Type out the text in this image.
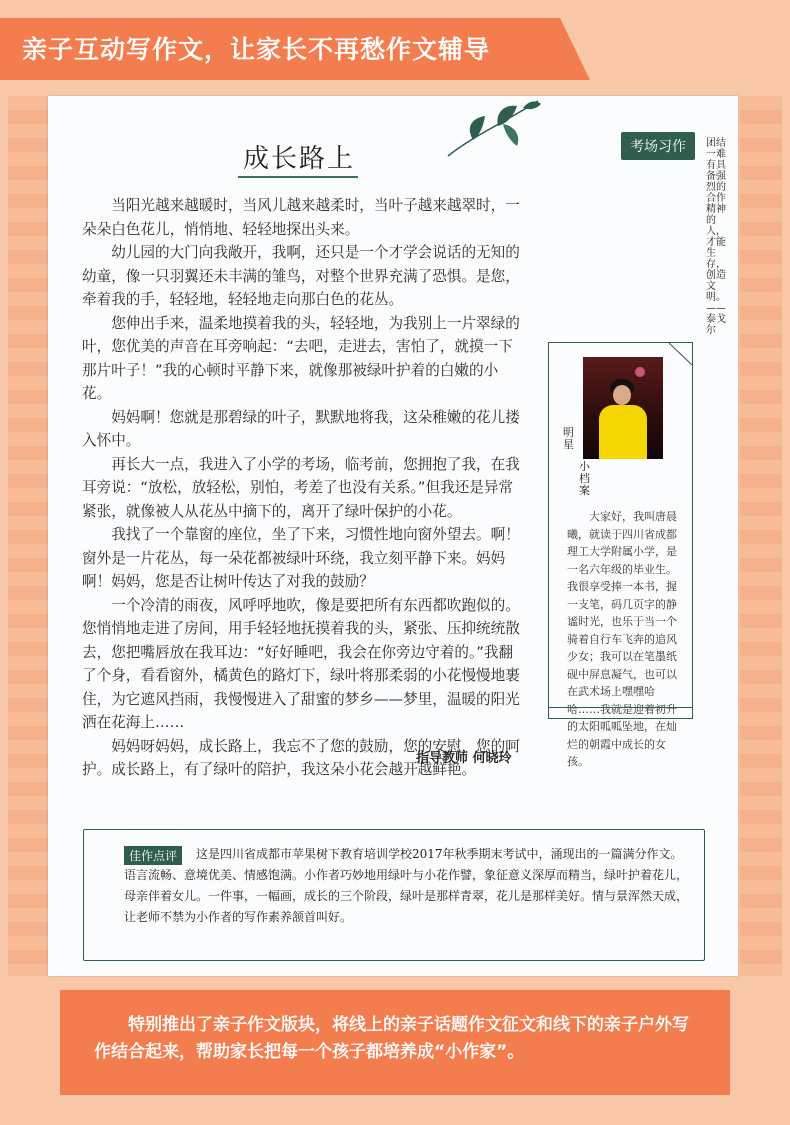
亲子互动写作文，让家长不再愁作文辅导
成长路上	考场习作	团结一难有具备强烈的合作精神的人，才能生存，创造文明。——泰戈尔

当阳光越来越暖时，当风儿越来越柔时，当叶子越来越翠时，一朵朵白色花儿，悄悄地、轻轻地探出头来。

幼儿园的大门向我敞开，我啊，还只是一个才学会说话的无知的幼童，像一只羽翼还未丰满的雏鸟，对整个世界充满了恐惧。是您，牵着我的手，轻轻地，轻轻地走向那白色的花丛。

您伸出手来，温柔地摸着我的头，轻轻地，为我别上一片翠绿的叶，您优美的声音在耳旁响起：“去吧，走进去，害怕了，就摸一下那片叶子！”我的心顿时平静下来，就像那被绿叶护着的白嫩的小花。

妈妈啊！您就是那碧绿的叶子，默默地将我，这朵稚嫩的花儿搂入怀中。

再长大一点，我进入了小学的考场，临考前，您拥抱了我，在我耳旁说：“放松，放轻松，别怕，考差了也没有关系。”但我还是异常紧张，就像被人从花丛中摘下的，离开了绿叶保护的小花。

我找了一个靠窗的座位，坐了下来，习惯性地向窗外望去。啊！窗外是一片花丛，每一朵花都被绿叶环绕，我立刻平静下来。妈妈啊！妈妈，您是否让树叶传达了对我的鼓励？

一个冷清的雨夜，风呼呼地吹，像是要把所有东西都吹跑似的。您悄悄地走进了房间，用手轻轻地抚摸着我的头，紧张、压抑统统散去，您把嘴唇放在我耳边：“好好睡吧，我会在你旁边守着的。”我翻了个身，看看窗外，橘黄色的路灯下，绿叶将那柔弱的小花慢慢地裹住，为它遮风挡雨，我慢慢进入了甜蜜的梦乡——梦里，温暖的阳光洒在花海上……

妈妈呀妈妈，成长路上，我忘不了您的鼓励，您的安慰，您的呵护。成长路上，有了绿叶的陪护，我这朵小花会越开越鲜艳。

指导教师 何晓玲
明星
小档案
大家好，我叫唐晨曦，就读于四川省成都理工大学附属小学，是一名六年级的毕业生。我很享受捧一本书，握一支笔，码几页字的静谧时光，也乐于当一个骑着自行车飞奔的追风少女；我可以在笔墨纸砚中屏息凝气，也可以在武术场上嘿嘿哈哈……我就是迎着初升的太阳呱呱坠地，在灿烂的朝霞中成长的女孩。
这是四川省成都市苹果树下教育培训学校2017年秋季期末考试中，涌现出的一篇满分作文。语言流畅、意境优美、情感饱满。小作者巧妙地用绿叶与小花作譬，象征意义深厚而精当，绿叶护着花儿，母亲伴着女儿。一件事，一幅画，成长的三个阶段，绿叶是那样青翠，花儿是那样美好。情与景浑然天成，让老师不禁为小作者的写作素养颔首叫好。
佳作点评
特别推出了亲子作文版块，将线上的亲子话题作文征文和线下的亲子户外写作结合起来，帮助家长把每一个孩子都培养成“小作家”。
